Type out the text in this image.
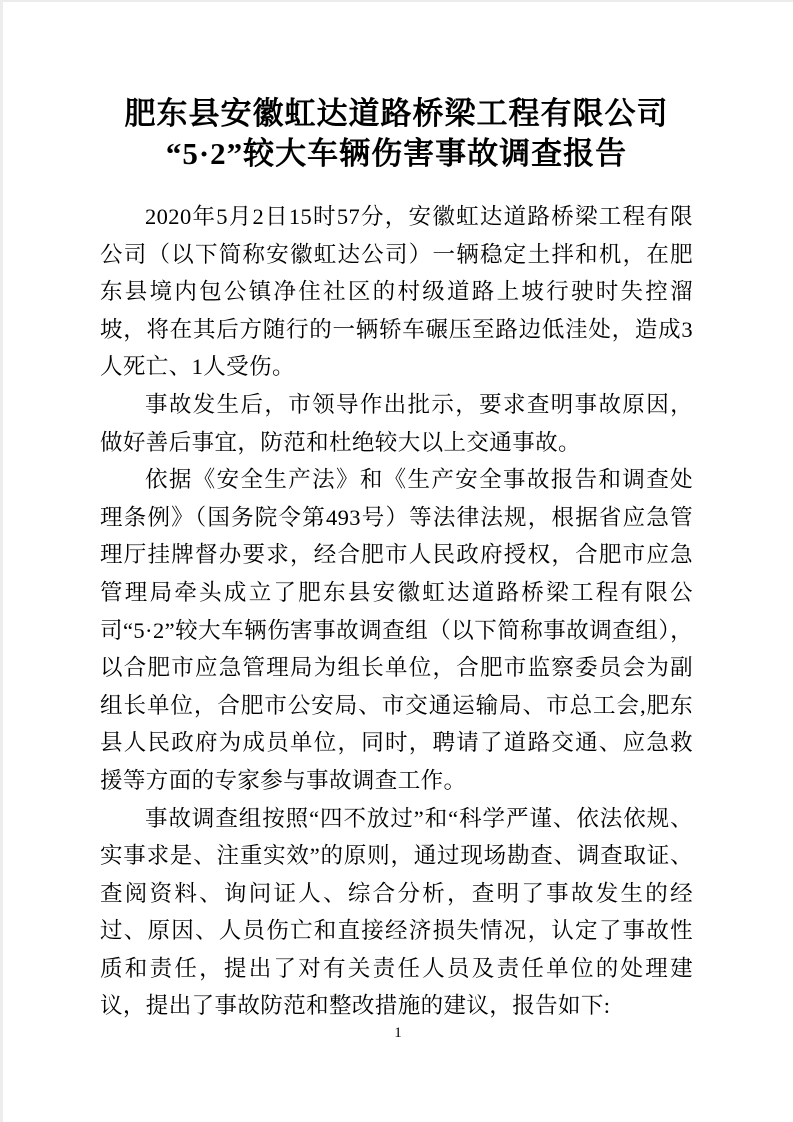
肥东县安徽虹达道路桥梁工程有限公司
“5·2”较大车辆伤害事故调查报告

2020年5月2日15时57分，安徽虹达道路桥梁工程有限公司（以下简称安徽虹达公司）一辆稳定土拌和机，在肥东县境内包公镇净住社区的村级道路上坡行驶时失控溜坡，将在其后方随行的一辆轿车碾压至路边低洼处，造成3人死亡、1人受伤。

事故发生后，市领导作出批示，要求查明事故原因，做好善后事宜，防范和杜绝较大以上交通事故。

依据《安全生产法》和《生产安全事故报告和调查处理条例》（国务院令第493号）等法律法规，根据省应急管理厅挂牌督办要求，经合肥市人民政府授权，合肥市应急管理局牵头成立了肥东县安徽虹达道路桥梁工程有限公司“5·2”较大车辆伤害事故调查组（以下简称事故调查组），以合肥市应急管理局为组长单位，合肥市监察委员会为副组长单位，合肥市公安局、市交通运输局、市总工会,肥东县人民政府为成员单位，同时，聘请了道路交通、应急救援等方面的专家参与事故调查工作。

事故调查组按照“四不放过”和“科学严谨、依法依规、实事求是、注重实效”的原则，通过现场勘查、调查取证、查阅资料、询问证人、综合分析，查明了事故发生的经过、原因、人员伤亡和直接经济损失情况，认定了事故性质和责任，提出了对有关责任人员及责任单位的处理建议，提出了事故防范和整改措施的建议，报告如下:

1
